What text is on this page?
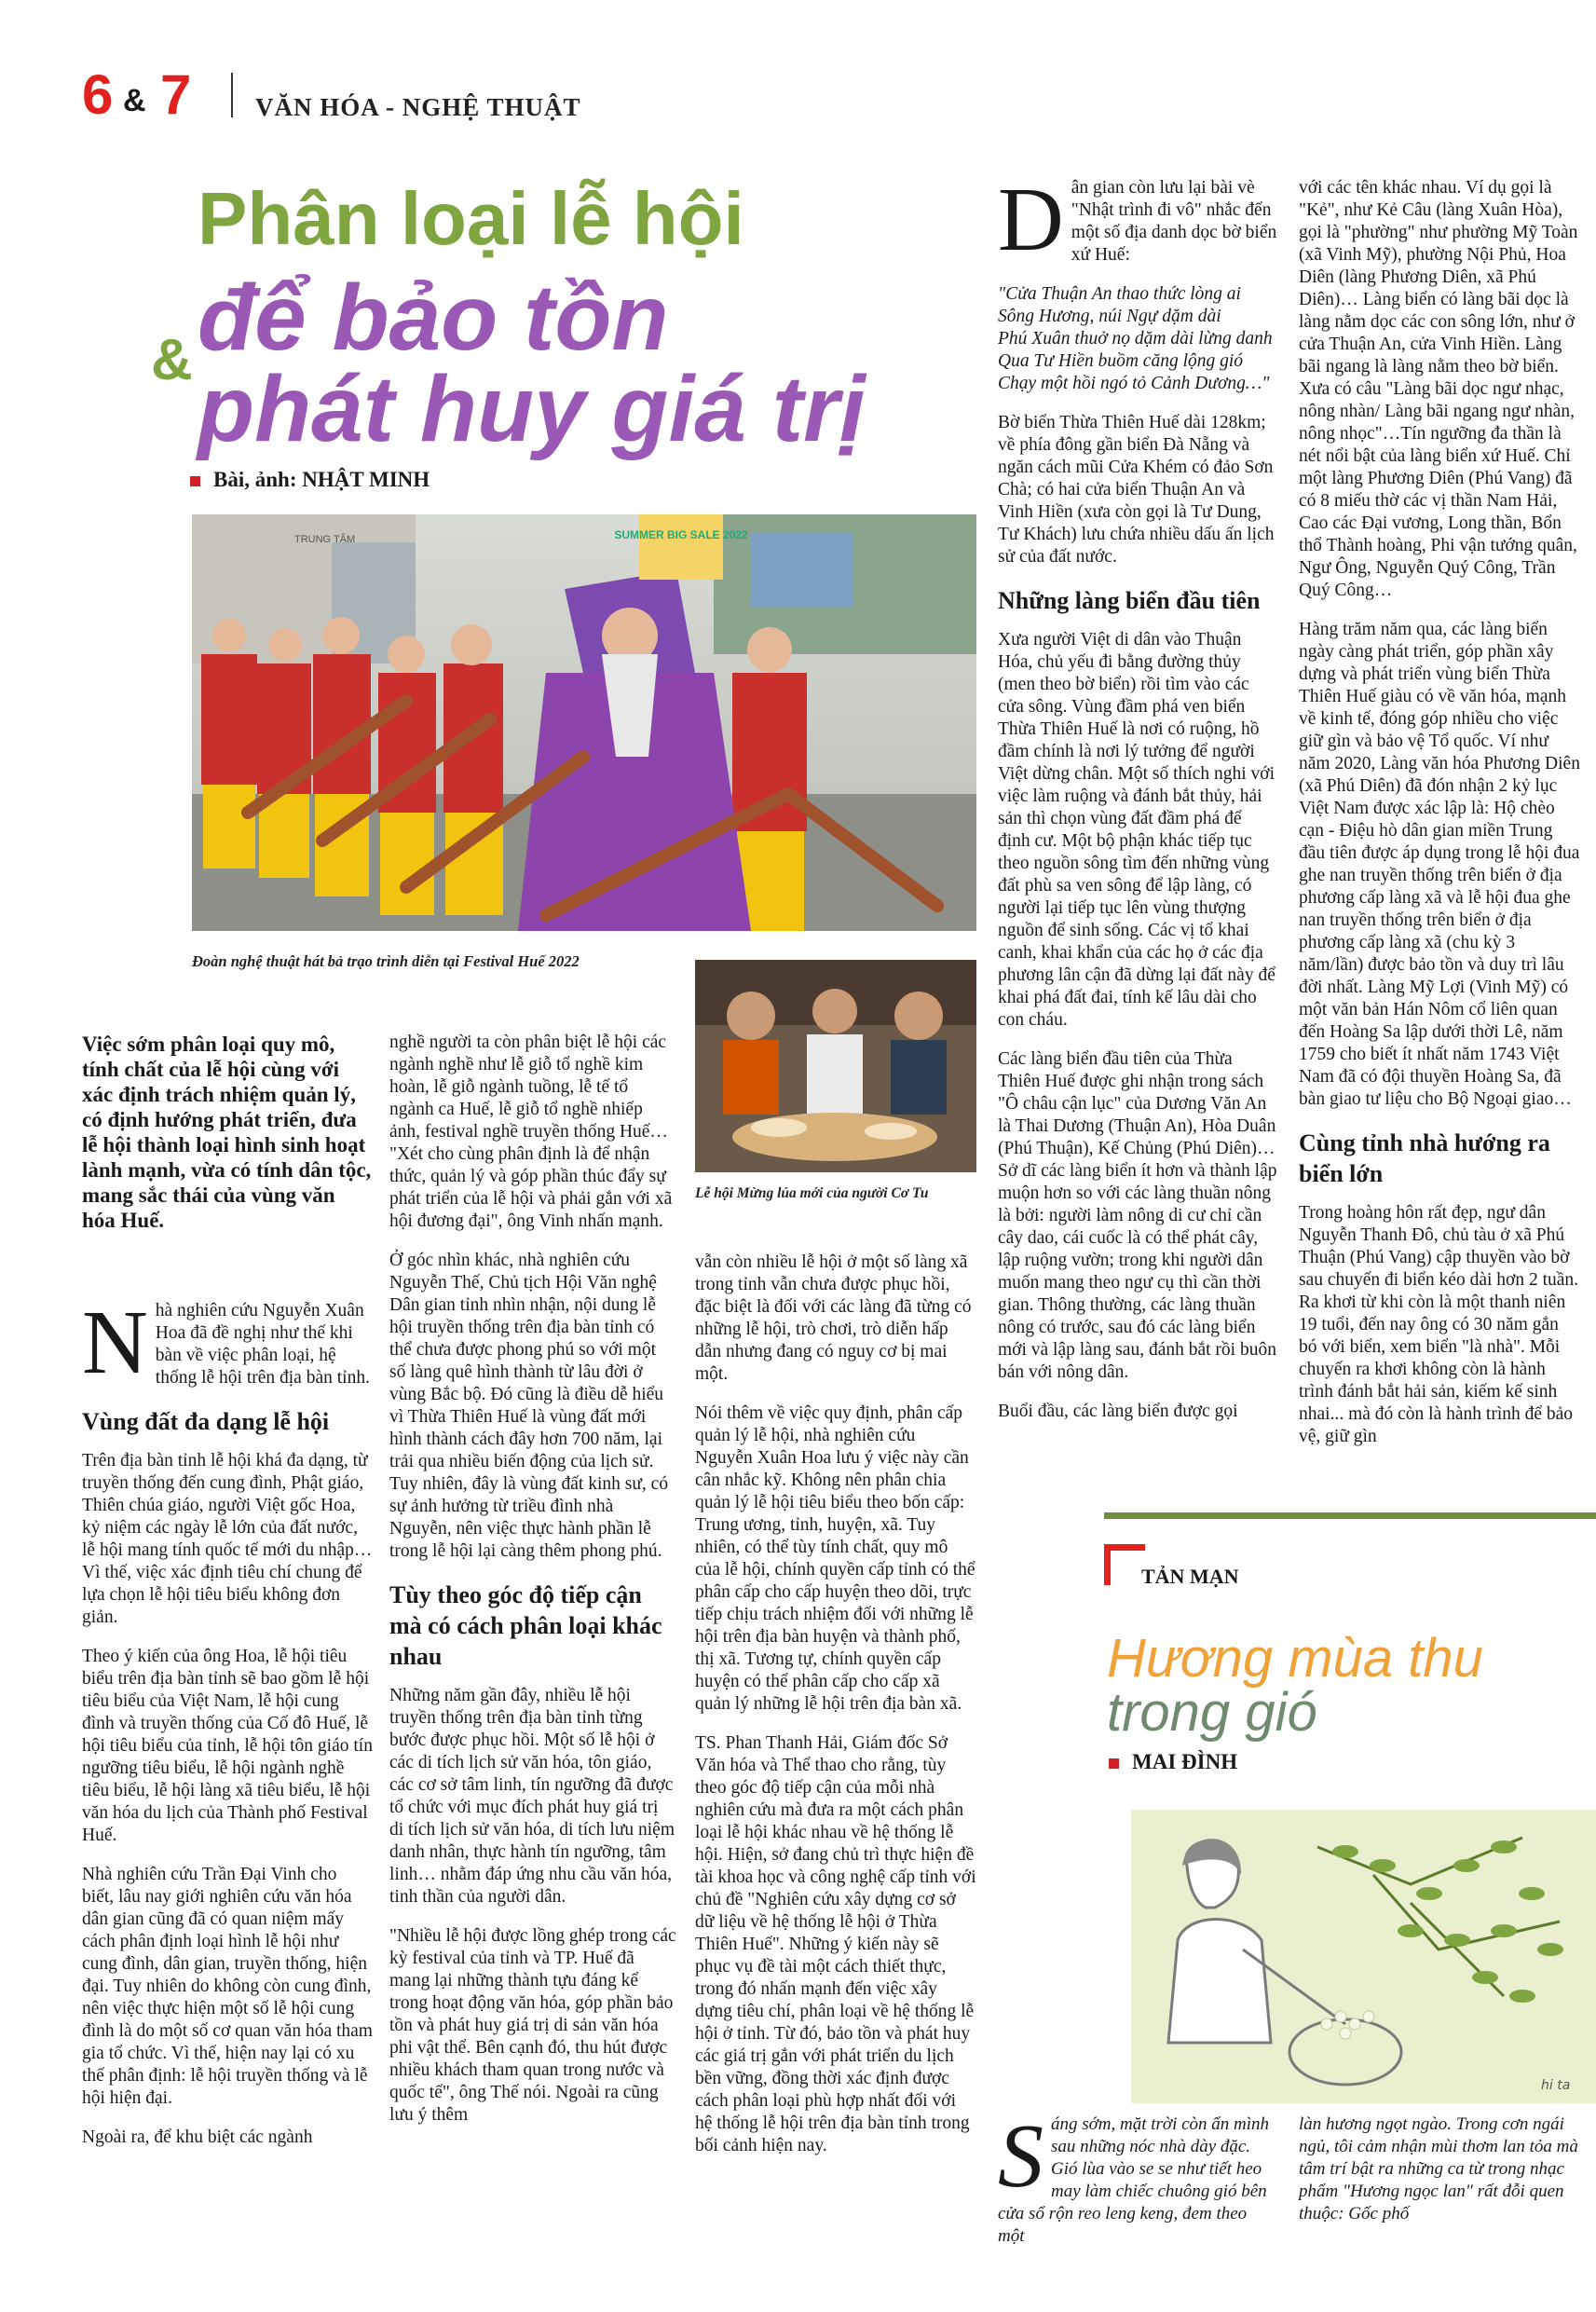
6 & 7	VĂN HÓA - NGHỆ THUẬT
Phân loại lễ hội
& để bảo tồn
phát huy giá trị
Bài, ảnh: NHẬT MINH
SUMMER BIG SALE 2022
TRUNG TÂM
Đoàn nghệ thuật hát bả trạo trình diễn tại Festival Huế 2022
Việc sớm phân loại quy mô, tính chất của lễ hội cùng với xác định trách nhiệm quản lý, có định hướng phát triển, đưa lễ hội thành loại hình sinh hoạt lành mạnh, vừa có tính dân tộc, mang sắc thái của vùng văn hóa Huế.

Nhà nghiên cứu Nguyễn Xuân Hoa đã đề nghị như thế khi bàn về việc phân loại, hệ thống lễ hội trên địa bàn tỉnh.

Vùng đất đa dạng lễ hội

Trên địa bàn tỉnh lễ hội khá đa dạng, từ truyền thống đến cung đình, Phật giáo, Thiên chúa giáo, người Việt gốc Hoa, kỷ niệm các ngày lễ lớn của đất nước, lễ hội mang tính quốc tế mới du nhập… Vì thế, việc xác định tiêu chí chung để lựa chọn lễ hội tiêu biểu không đơn giản.

Theo ý kiến của ông Hoa, lễ hội tiêu biểu trên địa bàn tỉnh sẽ bao gồm lễ hội tiêu biểu của Việt Nam, lễ hội cung đình và truyền thống của Cố đô Huế, lễ hội tiêu biểu của tỉnh, lễ hội tôn giáo tín ngưỡng tiêu biểu, lễ hội ngành nghề tiêu biểu, lễ hội làng xã tiêu biểu, lễ hội văn hóa du lịch của Thành phố Festival Huế.

Nhà nghiên cứu Trần Đại Vinh cho biết, lâu nay giới nghiên cứu văn hóa dân gian cũng đã có quan niệm mấy cách phân định loại hình lễ hội như cung đình, dân gian, truyền thống, hiện đại. Tuy nhiên do không còn cung đình, nên việc thực hiện một số lễ hội cung đình là do một số cơ quan văn hóa tham gia tổ chức. Vì thế, hiện nay lại có xu thế phân định: lễ hội truyền thống và lễ hội hiện đại.

Ngoài ra, để khu biệt các ngành

nghề người ta còn phân biệt lễ hội các ngành nghề như lễ giỗ tổ nghề kim hoàn, lễ giỗ ngành tuồng, lễ tế tổ ngành ca Huế, lễ giỗ tổ nghề nhiếp ảnh, festival nghề truyền thống Huế… "Xét cho cùng phân định là để nhận thức, quản lý và góp phần thúc đẩy sự phát triển của lễ hội và phải gắn với xã hội đương đại", ông Vinh nhấn mạnh.

Ở góc nhìn khác, nhà nghiên cứu Nguyễn Thế, Chủ tịch Hội Văn nghệ Dân gian tỉnh nhìn nhận, nội dung lễ hội truyền thống trên địa bàn tỉnh có thể chưa được phong phú so với một số làng quê hình thành từ lâu đời ở vùng Bắc bộ. Đó cũng là điều dễ hiểu vì Thừa Thiên Huế là vùng đất mới hình thành cách đây hơn 700 năm, lại trải qua nhiều biến động của lịch sử. Tuy nhiên, đây là vùng đất kinh sư, có sự ảnh hưởng từ triều đình nhà Nguyễn, nên việc thực hành phần lễ trong lễ hội lại càng thêm phong phú.

Tùy theo góc độ tiếp cận mà có cách phân loại khác nhau

Những năm gần đây, nhiều lễ hội truyền thống trên địa bàn tỉnh từng bước được phục hồi. Một số lễ hội ở các di tích lịch sử văn hóa, tôn giáo, các cơ sở tâm linh, tín ngưỡng đã được tổ chức với mục đích phát huy giá trị di tích lịch sử văn hóa, di tích lưu niệm danh nhân, thực hành tín ngưỡng, tâm linh… nhằm đáp ứng nhu cầu văn hóa, tinh thần của người dân.

"Nhiều lễ hội được lồng ghép trong các kỳ festival của tỉnh và TP. Huế đã mang lại những thành tựu đáng kể trong hoạt động văn hóa, góp phần bảo tồn và phát huy giá trị di sản văn hóa phi vật thể. Bên cạnh đó, thu hút được nhiều khách tham quan trong nước và quốc tế", ông Thế nói. Ngoài ra cũng lưu ý thêm

Lễ hội Mừng lúa mới của người Cơ Tu

vẫn còn nhiều lễ hội ở một số làng xã trong tỉnh vẫn chưa được phục hồi, đặc biệt là đối với các làng đã từng có những lễ hội, trò chơi, trò diễn hấp dẫn nhưng đang có nguy cơ bị mai một.

Nói thêm về việc quy định, phân cấp quản lý lễ hội, nhà nghiên cứu Nguyễn Xuân Hoa lưu ý việc này cần cân nhắc kỹ. Không nên phân chia quản lý lễ hội tiêu biểu theo bốn cấp: Trung ương, tỉnh, huyện, xã. Tuy nhiên, có thể tùy tính chất, quy mô của lễ hội, chính quyền cấp tỉnh có thể phân cấp cho cấp huyện theo dõi, trực tiếp chịu trách nhiệm đối với những lễ hội trên địa bàn huyện và thành phố, thị xã. Tương tự, chính quyền cấp huyện có thể phân cấp cho cấp xã quản lý những lễ hội trên địa bàn xã.

TS. Phan Thanh Hải, Giám đốc Sở Văn hóa và Thể thao cho rằng, tùy theo góc độ tiếp cận của mỗi nhà nghiên cứu mà đưa ra một cách phân loại lễ hội khác nhau về hệ thống lễ hội. Hiện, sở đang chủ trì thực hiện đề tài khoa học và công nghệ cấp tỉnh với chủ đề "Nghiên cứu xây dựng cơ sở dữ liệu về hệ thống lễ hội ở Thừa Thiên Huế". Những ý kiến này sẽ phục vụ đề tài một cách thiết thực, trong đó nhấn mạnh đến việc xây dựng tiêu chí, phân loại về hệ thống lễ hội ở tỉnh. Từ đó, bảo tồn và phát huy các giá trị gắn với phát triển du lịch bền vững, đồng thời xác định được cách phân loại phù hợp nhất đối với hệ thống lễ hội trên địa bàn tỉnh trong bối cảnh hiện nay.

Dân gian còn lưu lại bài vè "Nhật trình đi vô" nhắc đến một số địa danh dọc bờ biển xứ Huế:

"Cửa Thuận An thao thức lòng ai
Sông Hương, núi Ngự dặm dài
Phú Xuân thuở nọ dặm dài lừng danh
Qua Tư Hiền buồm căng lộng gió
Chạy một hồi ngó tỏ Cảnh Dương…"

Bờ biển Thừa Thiên Huế dài 128km; về phía đông gần biển Đà Nẵng và ngăn cách mũi Cửa Khém có đảo Sơn Chà; có hai cửa biển Thuận An và Vinh Hiền (xưa còn gọi là Tư Dung, Tư Khách) lưu chứa nhiều dấu ấn lịch sử của đất nước.

Những làng biển đầu tiên

Xưa người Việt di dân vào Thuận Hóa, chủ yếu đi bằng đường thủy (men theo bờ biển) rồi tìm vào các cửa sông. Vùng đầm phá ven biển Thừa Thiên Huế là nơi có ruộng, hồ đầm chính là nơi lý tưởng để người Việt dừng chân. Một số thích nghi với việc làm ruộng và đánh bắt thủy, hải sản thì chọn vùng đất đầm phá để định cư. Một bộ phận khác tiếp tục theo nguồn sông tìm đến những vùng đất phù sa ven sông để lập làng, có người lại tiếp tục lên vùng thượng nguồn để sinh sống. Các vị tổ khai canh, khai khẩn của các họ ở các địa phương lân cận đã dừng lại đất này để khai phá đất đai, tính kế lâu dài cho con cháu.

Các làng biển đầu tiên của Thừa Thiên Huế được ghi nhận trong sách "Ô châu cận lục" của Dương Văn An là Thai Dương (Thuận An), Hòa Duân (Phú Thuận), Kế Chủng (Phú Diên)… Sở dĩ các làng biển ít hơn và thành lập muộn hơn so với các làng thuần nông là bởi: người làm nông di cư chỉ cần cây dao, cái cuốc là có thể phát cây, lập ruộng vườn; trong khi người dân muốn mang theo ngư cụ thì cần thời gian. Thông thường, các làng thuần nông có trước, sau đó các làng biển mới và lập làng sau, đánh bắt rồi buôn bán với nông dân.

Buổi đầu, các làng biển được gọi

với các tên khác nhau. Ví dụ gọi là "Kẻ", như Kẻ Câu (làng Xuân Hòa), gọi là "phường" như phường Mỹ Toàn (xã Vinh Mỹ), phường Nội Phủ, Hoa Diên (làng Phương Diên, xã Phú Diên)… Làng biển có làng bãi dọc là làng nằm dọc các con sông lớn, như ở cửa Thuận An, cửa Vinh Hiền. Làng bãi ngang là làng nằm theo bờ biển. Xưa có câu "Làng bãi dọc ngư nhạc, nông nhàn/ Làng bãi ngang ngư nhàn, nông nhọc"…Tín ngưỡng đa thần là nét nổi bật của làng biển xứ Huế. Chỉ một làng Phương Diên (Phú Vang) đã có 8 miếu thờ các vị thần Nam Hải, Cao các Đại vương, Long thần, Bổn thổ Thành hoàng, Phi vận tướng quân, Ngư Ông, Nguyễn Quý Công, Trần Quý Công…

Hàng trăm năm qua, các làng biển ngày càng phát triển, góp phần xây dựng và phát triển vùng biển Thừa Thiên Huế giàu có về văn hóa, mạnh về kinh tế, đóng góp nhiều cho việc giữ gìn và bảo vệ Tổ quốc. Ví như năm 2020, Làng văn hóa Phương Diên (xã Phú Diên) đã đón nhận 2 kỷ lục Việt Nam được xác lập là: Hộ chèo cạn - Điệu hò dân gian miền Trung đầu tiên được áp dụng trong lễ hội đua ghe nan truyền thống trên biển ở địa phương cấp làng xã và lễ hội đua ghe nan truyền thống trên biển ở địa phương cấp làng xã (chu kỳ 3 năm/lần) được bảo tồn và duy trì lâu đời nhất. Làng Mỹ Lợi (Vinh Mỹ) có một văn bản Hán Nôm cổ liên quan đến Hoàng Sa lập dưới thời Lê, năm 1759 cho biết ít nhất năm 1743 Việt Nam đã có đội thuyền Hoàng Sa, đã bàn giao tư liệu cho Bộ Ngoại giao…

Cùng tỉnh nhà hướng ra biển lớn

Trong hoàng hôn rất đẹp, ngư dân Nguyễn Thanh Đô, chủ tàu ở xã Phú Thuận (Phú Vang) cập thuyền vào bờ sau chuyến đi biển kéo dài hơn 2 tuần. Ra khơi từ khi còn là một thanh niên 19 tuổi, đến nay ông có 30 năm gắn bó với biển, xem biển "là nhà". Mỗi chuyến ra khơi không còn là hành trình đánh bắt hải sản, kiếm kế sinh nhai... mà đó còn là hành trình để bảo vệ, giữ gìn

TẢN MẠN
Hương mùa thu
trong gió
MAI ĐÌNH
hi ta

Sáng sớm, mặt trời còn ẩn mình sau những nóc nhà dày đặc. Gió lùa vào se se như tiết heo may làm chiếc chuông gió bên cửa sổ rộn reo leng keng, đem theo một

làn hương ngọt ngào. Trong cơn ngái ngủ, tôi cảm nhận mùi thơm lan tỏa mà tâm trí bật ra những ca từ trong nhạc phẩm "Hương ngọc lan" rất đỗi quen thuộc: Gốc phố
